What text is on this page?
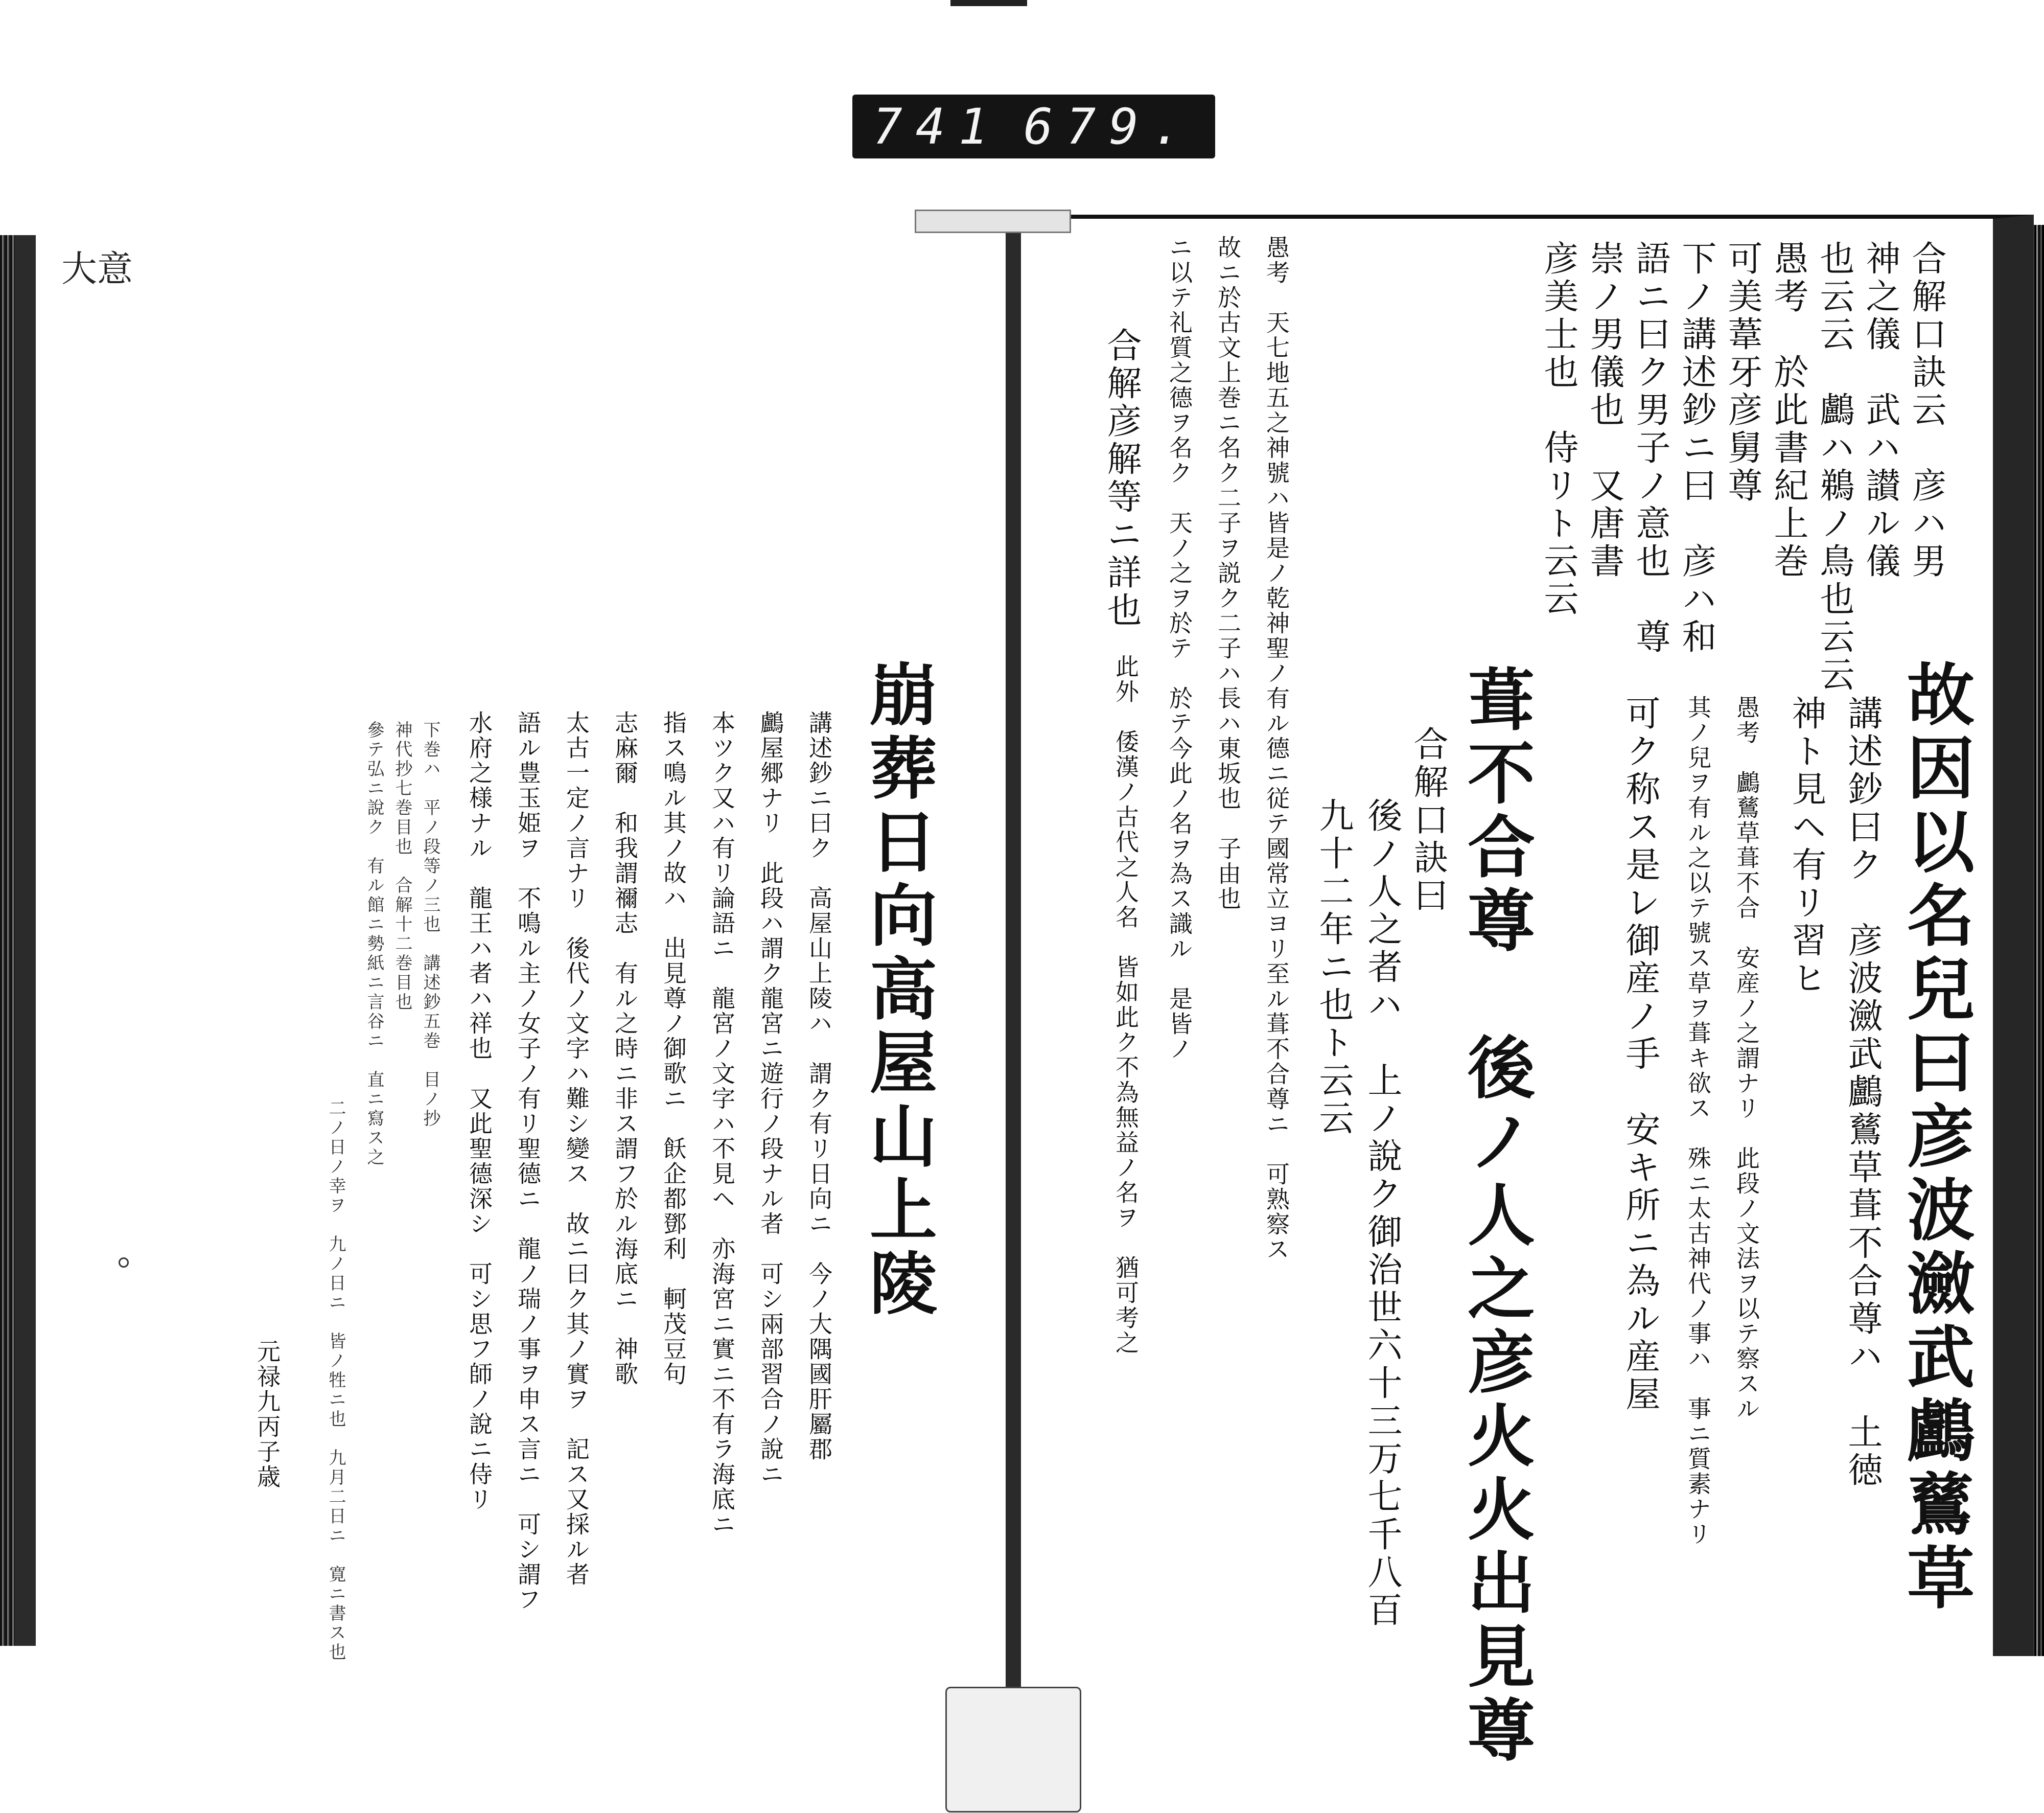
741 679.
大意	合解口訣云　彦ハ男
神之儀　武ハ讃ル儀
也云云　鸕ハ鵜ノ鳥也云云
愚考　於此書紀上巻
可美葦牙彦舅尊
下ノ講述鈔ニ曰　彦ハ和
語ニ曰ク男子ノ意也　尊
崇ノ男儀也　又唐書
彦美士也　侍リト云云
故因以名兒曰彦波瀲武鸕鶿草
講述鈔曰ク　彦波瀲武鸕鶿草葺不合尊ハ　土徳
神ト見ヘ有リ習ヒ
愚考　鸕鶿草葺不合　安産ノ之謂ナリ　此段ノ文法ヲ以テ察スル
其ノ兒ヲ有ル之以テ號ス草ヲ葺キ欲ス　殊ニ太古神代ノ事ハ　事ニ質素ナリ
可ク称ス是レ御産ノ手　安キ所ニ為ル産屋
葺不合尊　後ノ人之彦火火出見尊
合解口訣曰
後ノ人之者ハ　上ノ說ク御治世六十三万七千八百
九十二年ニ也ト云云
愚考　天七地五之神號ハ皆是ノ乾神聖ノ有ル德ニ従テ國常立ヨリ至ル葺不合尊ニ　可熟察ス
故ニ於古文上巻ニ名ク二子ヲ説ク二子ハ長ハ東坂也　子由也
ニ以テ礼質之德ヲ名ク　天ノ之ヲ於テ　於テ今此ノ名ヲ為ス識ル　是皆ノ
合解彦解等ニ詳也
此外　倭漢ノ古代之人名　皆如此ク不為無益ノ名ヲ　猶可考之
崩葬日向高屋山上陵
講述鈔ニ曰ク　高屋山上陵ハ　謂ク有リ日向ニ　今ノ大隅國肝屬郡
鸕屋郷ナリ　此段ハ謂ク龍宮ニ遊行ノ段ナル者　可シ兩部習合ノ說ニ
本ツク又ハ有リ論語ニ　龍宮ノ文字ハ不見ヘ　亦海宮ニ實ニ不有ラ海底ニ
指ス鳴ル其ノ故ハ　出見尊ノ御歌ニ　飫企都鄧利　軻茂豆句
志麻爾　和我謂禰志　有ル之時ニ非ス謂フ於ル海底ニ　神歌
太古一定ノ言ナリ　後代ノ文字ハ難シ變ス　故ニ曰ク其ノ實ヲ　記ス又採ル者
語ル豊玉姫ヲ　不鳴ル主ノ女子ノ有リ聖德ニ　龍ノ瑞ノ事ヲ申ス言ニ　可シ謂フ
水府之様ナル　龍王ハ者ハ祥也　又此聖德深シ　可シ思フ師ノ說ニ侍リ
下巻ハ　平ノ段等ノ三也　講述鈔五巻　目ノ抄
神代抄七巻目也　合解十二巻目也
參テ弘ニ說ク　有ル館ニ勢紙ニ言谷ニ　直ニ寫ス之
二ノ日ノ幸ヲ　九ノ日ニ　皆ノ牲ニ也　九月二日ニ　寛ニ書ス也
元禄九丙子歳
